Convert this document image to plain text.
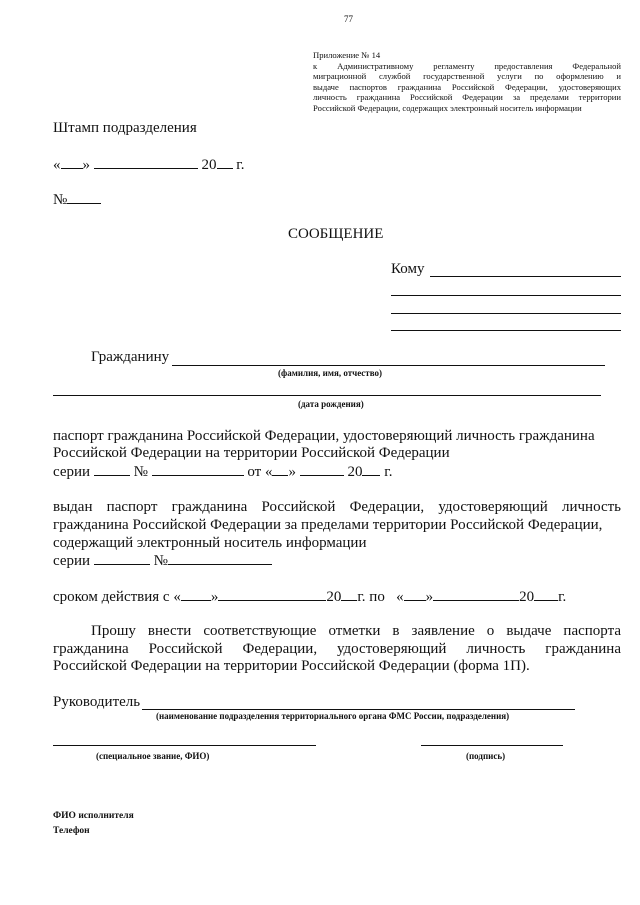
77
Приложение № 14
к Административному регламенту предоставления Федеральной
миграционной службой государственной услуги по оформлению и
выдаче паспортов гражданина Российской Федерации, удостоверяющих
личность гражданина Российской Федерации за пределами территории
Российской Федерации, содержащих электронный носитель информации
Штамп подразделения
« »	20 г.
№
СООБЩЕНИЕ
Кому
Гражданину
(фамилия, имя, отчество)
(дата рождения)
паспорт гражданина Российской Федерации, удостоверяющий личность гражданина
Российской Федерации на территории Российской Федерации
серии	№	от « »	20 г.
выдан паспорт гражданина Российской Федерации, удостоверяющий личность
гражданина Российской Федерации за пределами территории Российской Федерации,
содержащий электронный носитель информации
серии	№
сроком действия с « »	20 г. по « »	20 г.
Прошу внести соответствующие отметки в заявление о выдаче паспорта
гражданина Российской Федерации, удостоверяющий личность гражданина
Российской Федерации на территории Российской Федерации (форма 1П).
Руководитель
(наименование подразделения территориального органа ФМС России, подразделения)
(специальное звание, ФИО)	(подпись)
ФИО исполнителя
Телефон
